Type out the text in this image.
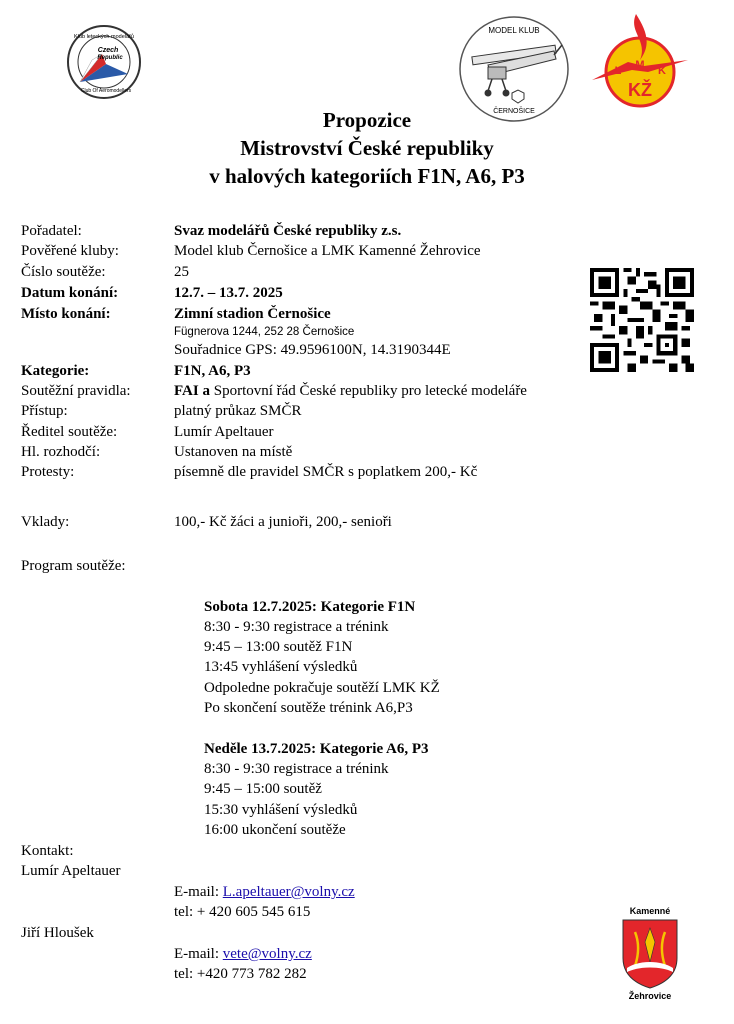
Klub leteckých modelářů
Czech
Republic
Club Of Aeromodellers
MODEL KLUB
ČERNOŠICE
L M K
KŽ
Propozice
Mistrovství České republiky
v halových kategoriích F1N, A6, P3
Pořadatel:	Svaz modelářů České republiky z.s.
Pověřené kluby:	Model klub Černošice a LMK Kamenné Žehrovice
Číslo soutěže:	25
Datum konání:	12.7. – 13.7. 2025
Místo konání:	Zimní stadion Černošice
Fügnerova 1244, 252 28 Černošice
Souřadnice GPS: 49.9596100N, 14.3190344E
Kategorie:	F1N, A6, P3
Soutěžní pravidla:	FAI a Sportovní řád České republiky pro letecké modeláře
Přístup:	platný průkaz SMČR
Ředitel soutěže:	Lumír Apeltauer
Hl. rozhodčí:	Ustanoven na místě
Protesty:	písemně dle pravidel SMČR s poplatkem 200,- Kč
Vklady:	100,- Kč žáci a junioři, 200,- senioři
Program soutěže:
Sobota 12.7.2025: Kategorie F1N
8:30 - 9:30 registrace a trénink
9:45 – 13:00 soutěž F1N
13:45 vyhlášení výsledků
Odpoledne pokračuje soutěží LMK KŽ
Po skončení soutěže trénink A6,P3
Neděle 13.7.2025: Kategorie A6, P3
8:30 - 9:30 registrace a trénink
9:45 – 15:00 soutěž
15:30 vyhlášení výsledků
16:00 ukončení soutěže
Kontakt:
Lumír Apeltauer
E-mail: L.apeltauer@volny.cz
tel: + 420 605 545 615
Jiří Hloušek
E-mail: vete@volny.cz
tel: +420 773 782 282
Kamenné
Žehrovice
